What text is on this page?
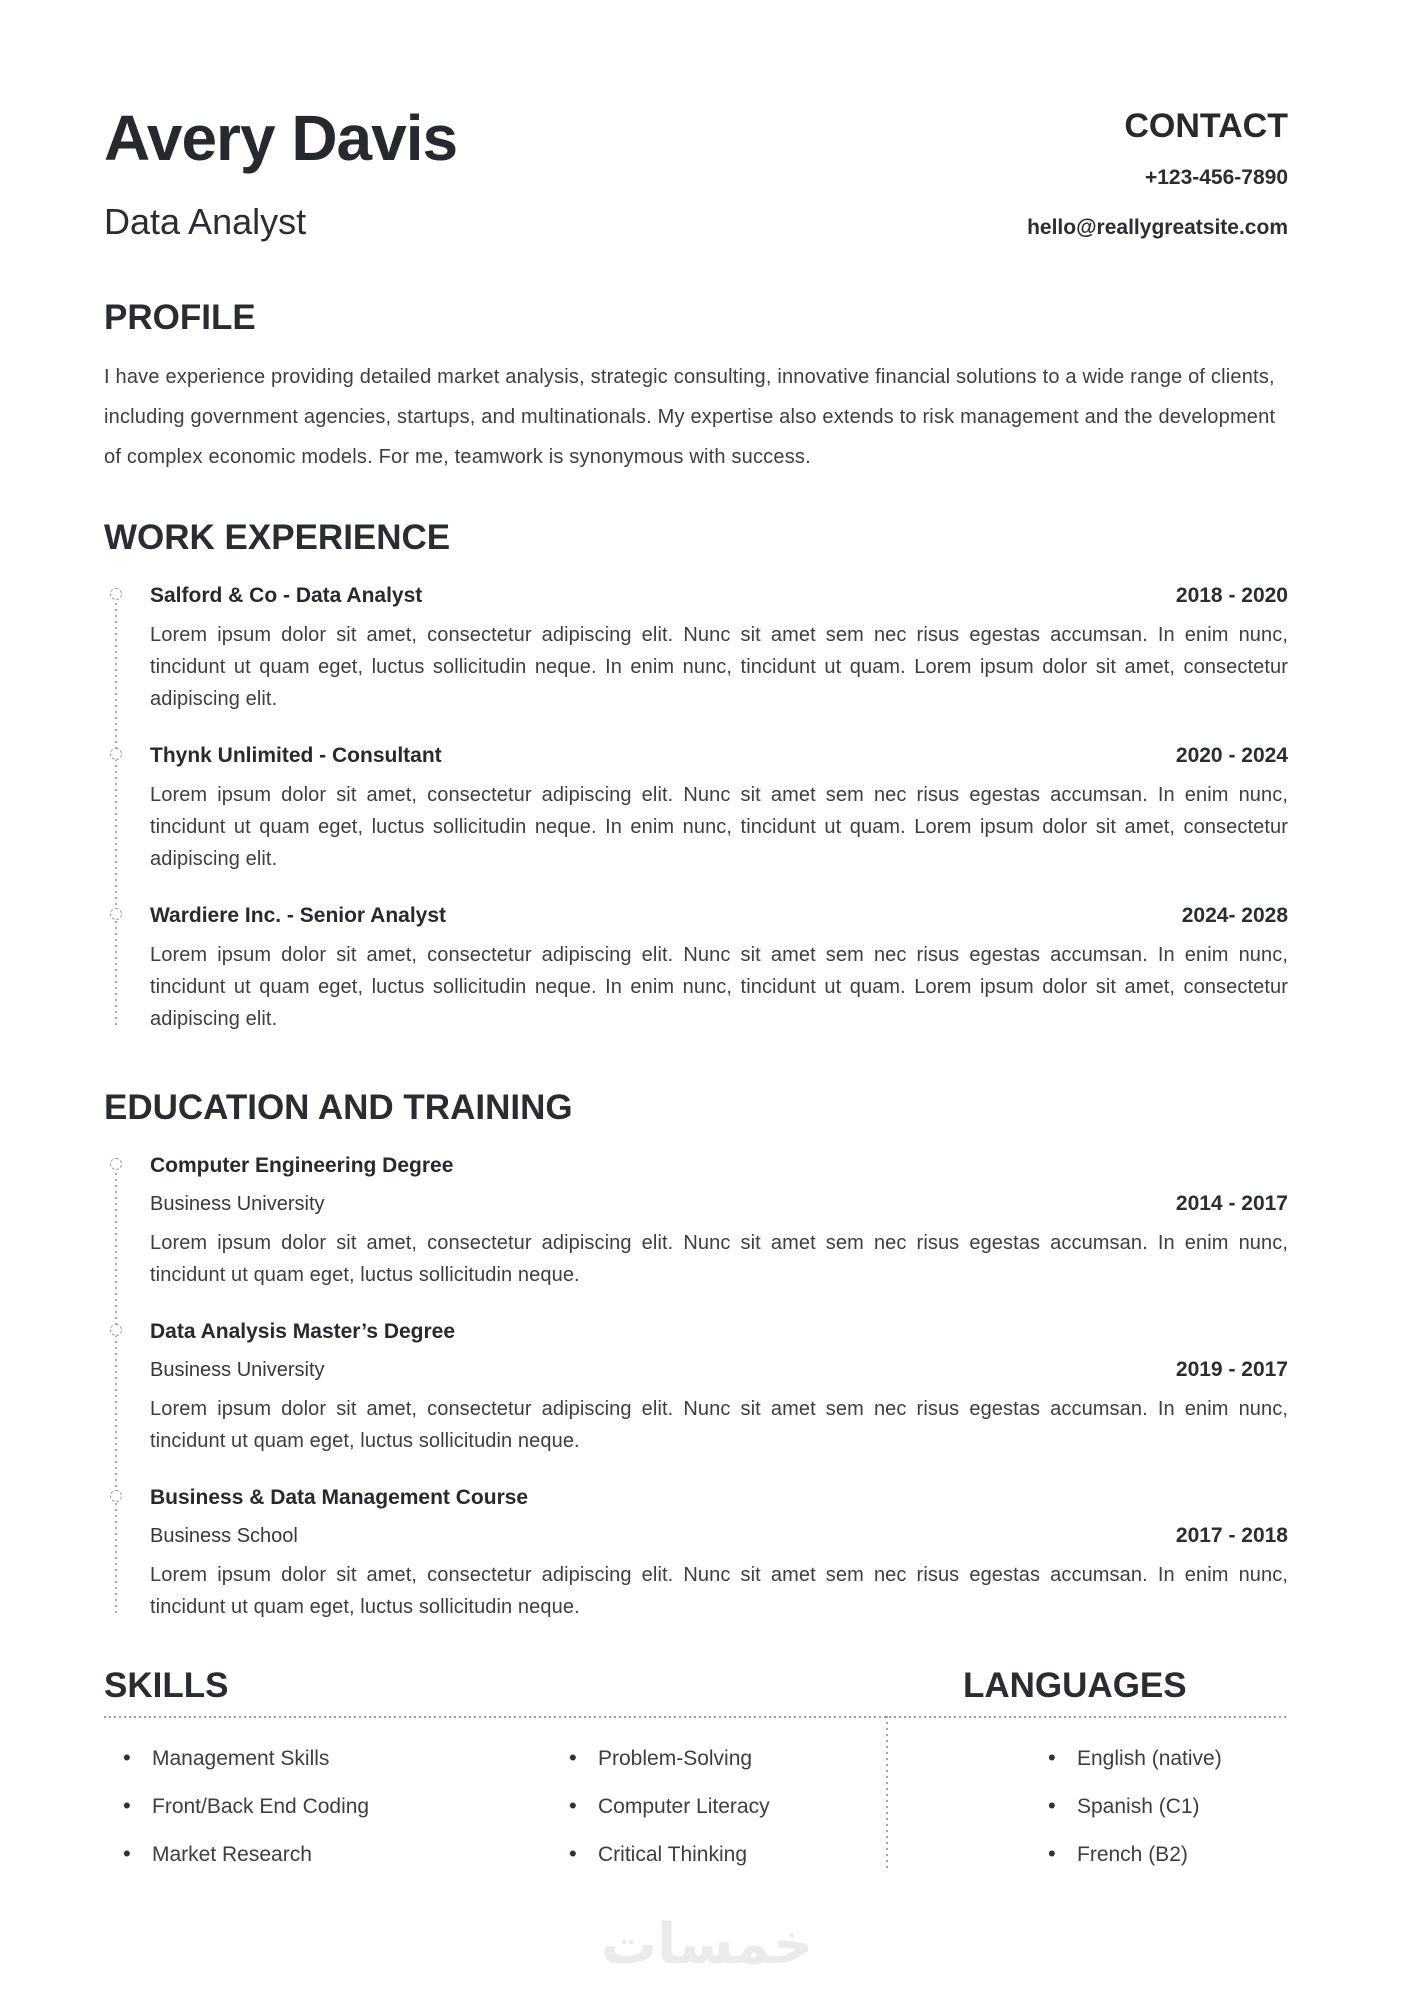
Avery Davis
Data Analyst
CONTACT
+123-456-7890
hello@reallygreatsite.com
PROFILE

I have experience providing detailed market analysis, strategic consulting, innovative financial solutions to a wide range of clients, including government agencies, startups, and multinationals. My expertise also extends to risk management and the development of complex economic models. For me, teamwork is synonymous with success.

WORK EXPERIENCE
Salford & Co - Data Analyst	2018 - 2020
Lorem ipsum dolor sit amet, consectetur adipiscing elit. Nunc sit amet sem nec risus egestas accumsan. In enim nunc, tincidunt ut quam eget, luctus sollicitudin neque. In enim nunc, tincidunt ut quam. Lorem ipsum dolor sit amet, consectetur adipiscing elit.
Thynk Unlimited - Consultant	2020 - 2024
Lorem ipsum dolor sit amet, consectetur adipiscing elit. Nunc sit amet sem nec risus egestas accumsan. In enim nunc, tincidunt ut quam eget, luctus sollicitudin neque. In enim nunc, tincidunt ut quam. Lorem ipsum dolor sit amet, consectetur adipiscing elit.
Wardiere Inc. - Senior Analyst	2024- 2028
Lorem ipsum dolor sit amet, consectetur adipiscing elit. Nunc sit amet sem nec risus egestas accumsan. In enim nunc, tincidunt ut quam eget, luctus sollicitudin neque. In enim nunc, tincidunt ut quam. Lorem ipsum dolor sit amet, consectetur adipiscing elit.
EDUCATION AND TRAINING
Computer Engineering Degree
Business University	2014 - 2017
Lorem ipsum dolor sit amet, consectetur adipiscing elit. Nunc sit amet sem nec risus egestas accumsan. In enim nunc, tincidunt ut quam eget, luctus sollicitudin neque.
Data Analysis Master’s Degree
Business University	2019 - 2017
Lorem ipsum dolor sit amet, consectetur adipiscing elit. Nunc sit amet sem nec risus egestas accumsan. In enim nunc, tincidunt ut quam eget, luctus sollicitudin neque.
Business & Data Management Course
Business School	2017 - 2018
Lorem ipsum dolor sit amet, consectetur adipiscing elit. Nunc sit amet sem nec risus egestas accumsan. In enim nunc, tincidunt ut quam eget, luctus sollicitudin neque.
SKILLS	LANGUAGES
• Management Skills
• Front/Back End Coding
• Market Research
• Problem-Solving
• Computer Literacy
• Critical Thinking
• English (native)
• Spanish (C1)
• French (B2)
خمسات
